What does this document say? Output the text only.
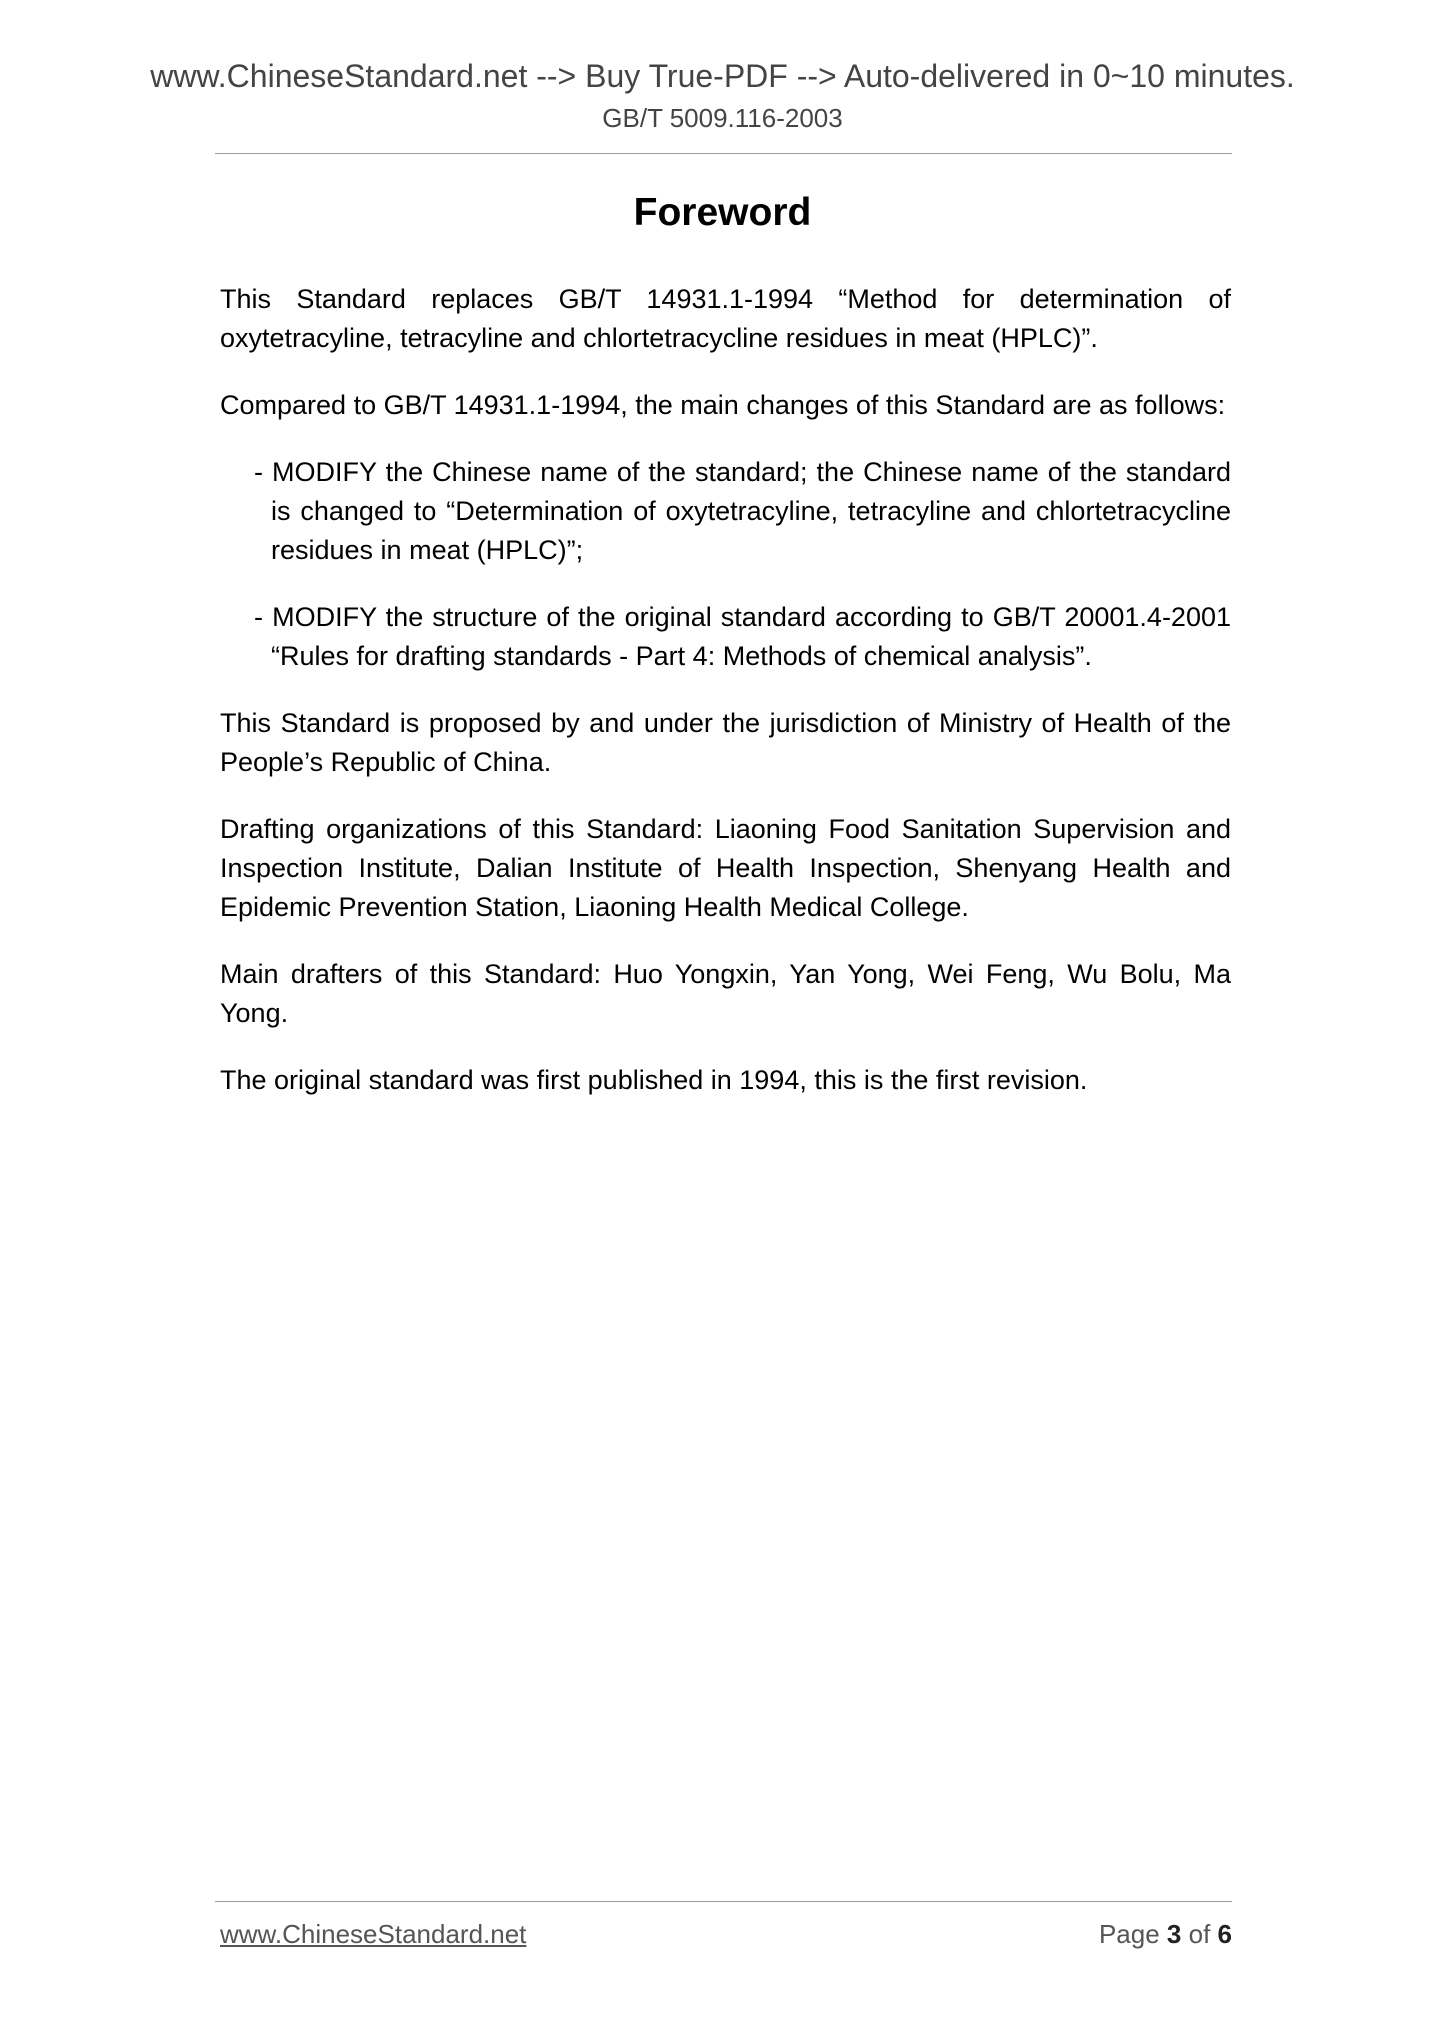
www.ChineseStandard.net --> Buy True-PDF --> Auto-delivered in 0~10 minutes.
GB/T 5009.116-2003
Foreword

This Standard replaces GB/T 14931.1-1994 “Method for determination of oxytetracyline, tetracyline and chlortetracycline residues in meat (HPLC)”.

Compared to GB/T 14931.1-1994, the main changes of this Standard are as follows:

- MODIFY the Chinese name of the standard; the Chinese name of the standard is changed to “Determination of oxytetracyline, tetracyline and chlortetracycline residues in meat (HPLC)”;
- MODIFY the structure of the original standard according to GB/T 20001.4-2001 “Rules for drafting standards - Part 4: Methods of chemical analysis”.

This Standard is proposed by and under the jurisdiction of Ministry of Health of the People’s Republic of China.

Drafting organizations of this Standard: Liaoning Food Sanitation Supervision and Inspection Institute, Dalian Institute of Health Inspection, Shenyang Health and Epidemic Prevention Station, Liaoning Health Medical College.

Main drafters of this Standard: Huo Yongxin, Yan Yong, Wei Feng, Wu Bolu, Ma Yong.

The original standard was first published in 1994, this is the first revision.

www.ChineseStandard.net	Page 3 of 6
